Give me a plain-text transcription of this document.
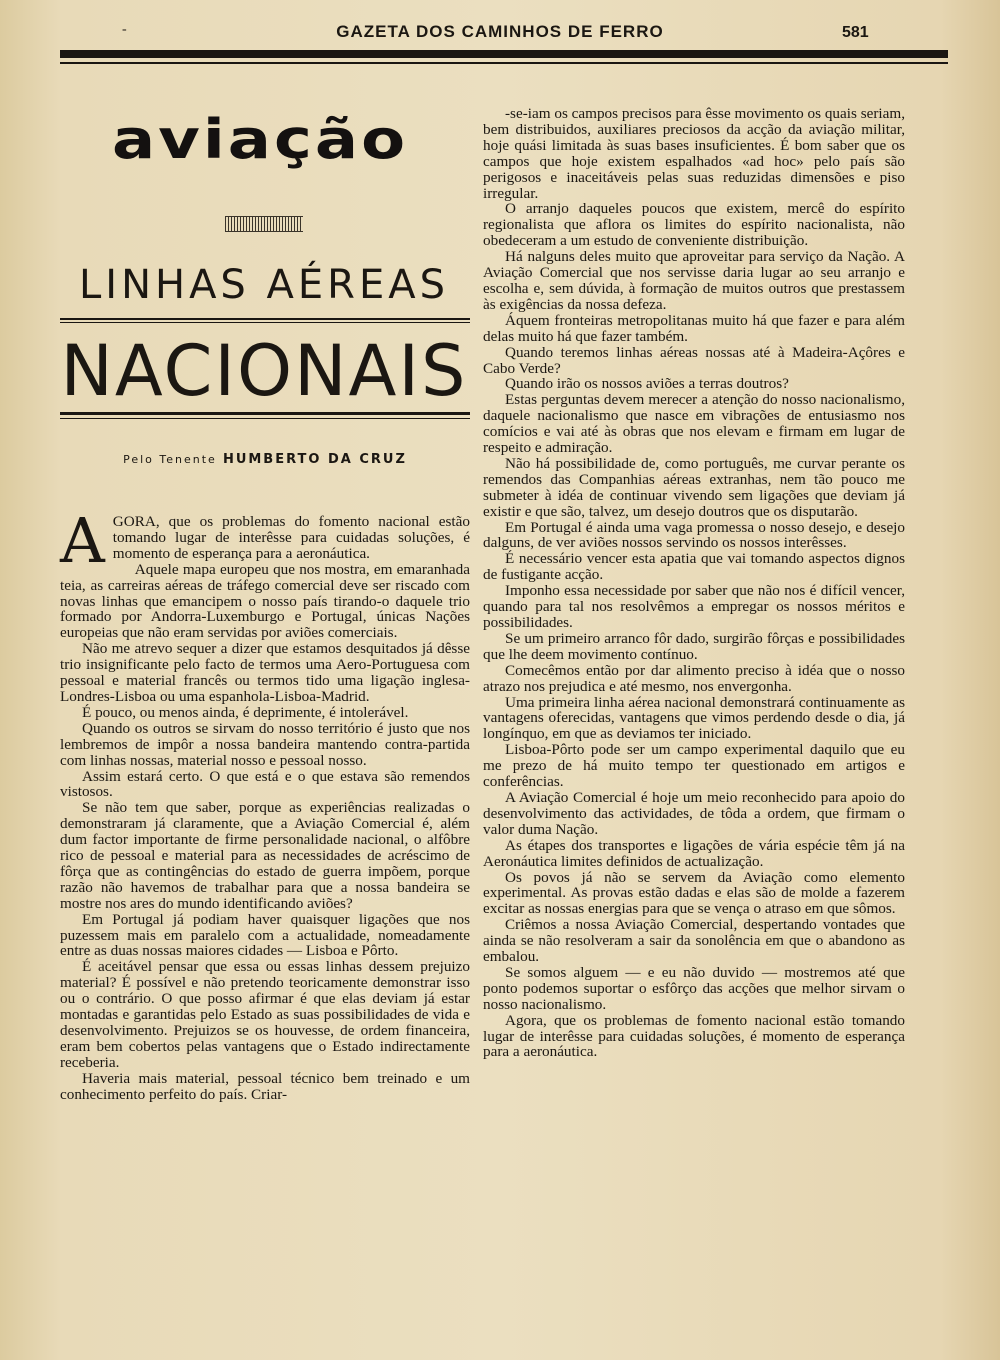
-	GAZETA DOS CAMINHOS DE FERRO	581
aviação
LINHAS AÉREAS
NACIONAIS
Pelo Tenente HUMBERTO DA CRUZ
A GORA, que os problemas do fomento nacional estão tomando lugar de interêsse para cuidadas soluções, é momento de esperança para a aeronáutica.

Aquele mapa europeu que nos mostra, em emaranhada teia, as carreiras aéreas de tráfego comercial deve ser riscado com novas linhas que emancipem o nosso país tirando-o daquele trio formado por Andorra-Luxemburgo e Portugal, únicas Nações europeias que não eram servidas por aviões comerciais.

Não me atrevo sequer a dizer que estamos desquitados já dêsse trio insignificante pelo facto de termos uma Aero-Portuguesa com pessoal e material francês ou termos tido uma ligação inglesa-Londres-Lisboa ou uma espanhola-Lisboa-Madrid.

É pouco, ou menos ainda, é deprimente, é intolerável.

Quando os outros se sirvam do nosso território é justo que nos lembremos de impôr a nossa bandeira mantendo contra-partida com linhas nossas, material nosso e pessoal nosso.

Assim estará certo. O que está e o que estava são remendos vistosos.

Se não tem que saber, porque as experiências realizadas o demonstraram já claramente, que a Aviação Comercial é, além dum factor importante de firme personalidade nacional, o alfôbre rico de pessoal e material para as necessidades de acréscimo de fôrça que as contingências do estado de guerra impõem, porque razão não havemos de trabalhar para que a nossa bandeira se mostre nos ares do mundo identificando aviões?

Em Portugal já podiam haver quaisquer ligações que nos puzessem mais em paralelo com a actualidade, nomeadamente entre as duas nossas maiores cidades — Lisboa e Pôrto.

É aceitável pensar que essa ou essas linhas dessem prejuizo material? É possível e não pretendo teoricamente demonstrar isso ou o contrário. O que posso afirmar é que elas deviam já estar montadas e garantidas pelo Estado as suas possibilidades de vida e desenvolvimento. Prejuizos se os houvesse, de ordem financeira, eram bem cobertos pelas vantagens que o Estado indirectamente receberia.

Haveria mais material, pessoal técnico bem treinado e um conhecimento perfeito do país. Criar-

-se-iam os campos precisos para êsse movimento os quais seriam, bem distribuidos, auxiliares preciosos da acção da aviação militar, hoje quási limitada às suas bases insuficientes. É bom saber que os campos que hoje existem espalhados «ad hoc» pelo país são perigosos e inaceitáveis pelas suas reduzidas dimensões e piso irregular.

O arranjo daqueles poucos que existem, mercê do espírito regionalista que aflora os limites do espírito nacionalista, não obedeceram a um estudo de conveniente distribuição.

Há nalguns deles muito que aproveitar para serviço da Nação. A Aviação Comercial que nos servisse daria lugar ao seu arranjo e escolha e, sem dúvida, à formação de muitos outros que prestassem às exigências da nossa defeza.

Áquem fronteiras metropolitanas muito há que fazer e para além delas muito há que fazer também.

Quando teremos linhas aéreas nossas até à Madeira-Açôres e Cabo Verde?

Quando irão os nossos aviões a terras doutros?

Estas perguntas devem merecer a atenção do nosso nacionalismo, daquele nacionalismo que nasce em vibrações de entusiasmo nos comícios e vai até às obras que nos elevam e firmam em lugar de respeito e admiração.

Não há possibilidade de, como português, me curvar perante os remendos das Companhias aéreas extranhas, nem tão pouco me submeter à idéa de continuar vivendo sem ligações que deviam já existir e que são, talvez, um desejo doutros que os disputarão.

Em Portugal é ainda uma vaga promessa o nosso desejo, e desejo dalguns, de ver aviões nossos servindo os nossos interêsses.

É necessário vencer esta apatia que vai tomando aspectos dignos de fustigante acção.

Imponho essa necessidade por saber que não nos é difícil vencer, quando para tal nos resolvêmos a empregar os nossos méritos e possibilidades.

Se um primeiro arranco fôr dado, surgirão fôrças e possibilidades que lhe deem movimento contínuo.

Comecêmos então por dar alimento preciso à idéa que o nosso atrazo nos prejudica e até mesmo, nos envergonha.

Uma primeira linha aérea nacional demonstrará continuamente as vantagens oferecidas, vantagens que vimos perdendo desde o dia, já longínquo, em que as deviamos ter iniciado.

Lisboa-Pôrto pode ser um campo experimental daquilo que eu me prezo de há muito tempo ter questionado em artigos e conferências.

A Aviação Comercial é hoje um meio reconhecido para apoio do desenvolvimento das actividades, de tôda a ordem, que firmam o valor duma Nação.

As étapes dos transportes e ligações de vária espécie têm já na Aeronáutica limites definidos de actualização.

Os povos já não se servem da Aviação como elemento experimental. As provas estão dadas e elas são de molde a fazerem excitar as nossas energias para que se vença o atraso em que sômos.

Criêmos a nossa Aviação Comercial, despertando vontades que ainda se não resolveram a sair da sonolência em que o abandono as embalou.

Se somos alguem — e eu não duvido — mostremos até que ponto podemos suportar o esfôrço das acções que melhor sirvam o nosso nacionalismo.

Agora, que os problemas de fomento nacional estão tomando lugar de interêsse para cuidadas soluções, é momento de esperança para a aeronáutica.
